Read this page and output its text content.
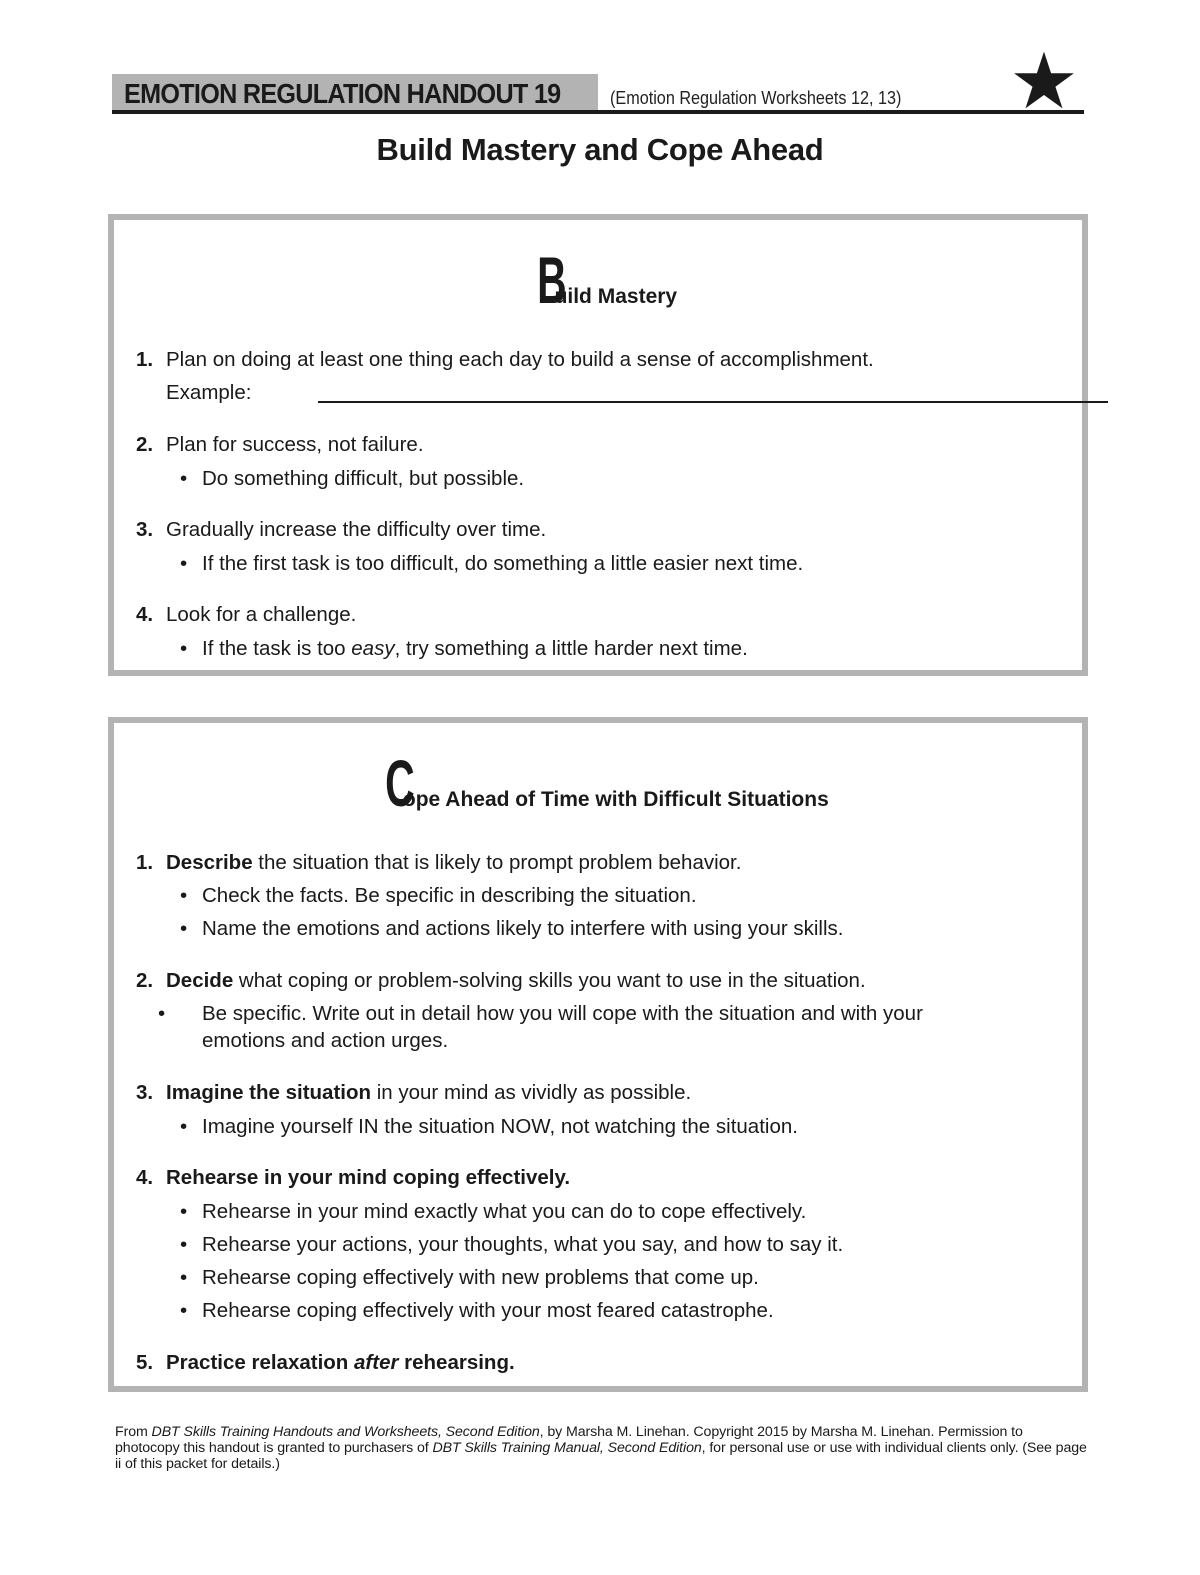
EMOTION REGULATION HANDOUT 19	(Emotion Regulation Worksheets 12, 13) ★
Build Mastery and Cope Ahead
Build Mastery
1. Plan on doing at least one thing each day to build a sense of accomplishment.
Example:
2. Plan for success, not failure.
• Do something difficult, but possible.
3. Gradually increase the difficulty over time.
• If the first task is too difficult, do something a little easier next time.
4. Look for a challenge.
• If the task is too easy, try something a little harder next time.
Cope Ahead of Time with Difficult Situations
1. Describe the situation that is likely to prompt problem behavior.
• Check the facts. Be specific in describing the situation.
• Name the emotions and actions likely to interfere with using your skills.
2. Decide what coping or problem-solving skills you want to use in the situation.
• Be specific. Write out in detail how you will cope with the situation and with your emotions and action urges.
3. Imagine the situation in your mind as vividly as possible.
• Imagine yourself IN the situation NOW, not watching the situation.
4. Rehearse in your mind coping effectively.
• Rehearse in your mind exactly what you can do to cope effectively.
• Rehearse your actions, your thoughts, what you say, and how to say it.
• Rehearse coping effectively with new problems that come up.
• Rehearse coping effectively with your most feared catastrophe.
5. Practice relaxation after rehearsing.
From DBT Skills Training Handouts and Worksheets, Second Edition, by Marsha M. Linehan. Copyright 2015 by Marsha M. Linehan. Permission to photocopy this handout is granted to purchasers of DBT Skills Training Manual, Second Edition, for personal use or use with individual clients only. (See page ii of this packet for details.)
